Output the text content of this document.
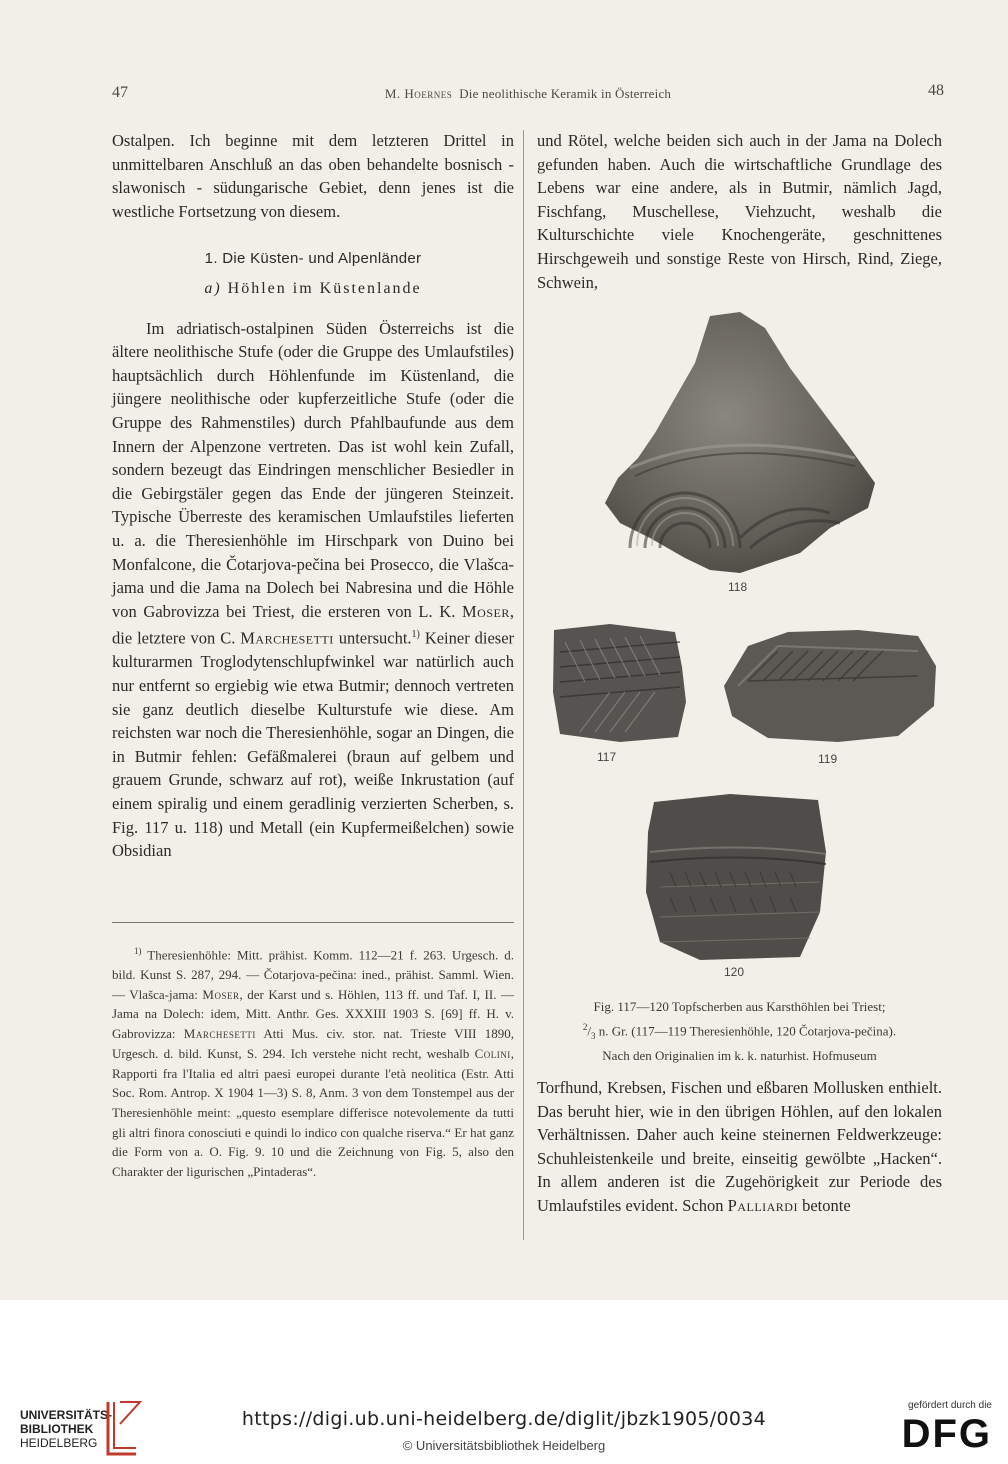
47	M. Hoernes Die neolithische Keramik in Österreich	48

Ostalpen. Ich beginne mit dem letzteren Drittel in unmittelbaren Anschluß an das oben behandelte bosnisch - slawonisch - südungarische Gebiet, denn jenes ist die westliche Fortsetzung von diesem.

1. Die Küsten- und Alpenländer
a) Höhlen im Küstenlande

Im adriatisch-ostalpinen Süden Österreichs ist die ältere neolithische Stufe (oder die Gruppe des Umlaufstiles) hauptsächlich durch Höhlenfunde im Küstenland, die jüngere neolithische oder kupferzeitliche Stufe (oder die Gruppe des Rahmenstiles) durch Pfahlbaufunde aus dem Innern der Alpenzone vertreten. Das ist wohl kein Zufall, sondern bezeugt das Eindringen menschlicher Besiedler in die Gebirgstäler gegen das Ende der jüngeren Steinzeit. Typische Überreste des keramischen Umlaufstiles lieferten u. a. die Theresienhöhle im Hirschpark von Duino bei Monfalcone, die Čotarjova-pečina bei Prosecco, die Vlašca-jama und die Jama na Dolech bei Nabresina und die Höhle von Gabrovizza bei Triest, die ersteren von L. K. Moser, die letztere von C. Marchesetti untersucht.$^{1)}$ Keiner dieser kulturarmen Troglodytenschlupfwinkel war natürlich auch nur entfernt so ergiebig wie etwa Butmir; dennoch vertreten sie ganz deutlich dieselbe Kulturstufe wie diese. Am reichsten war noch die Theresienhöhle, sogar an Dingen, die in Butmir fehlen: Gefäßmalerei (braun auf gelbem und grauem Grunde, schwarz auf rot), weiße Inkrustation (auf einem spiralig und einem geradlinig verzierten Scherben, s. Fig. 117 u. 118) und Metall (ein Kupfermeißelchen) sowie Obsidian

$^{1)}$ Theresienhöhle: Mitt. prähist. Komm. 112—21 f. 263. Urgesch. d. bild. Kunst S. 287, 294. — Čotarjova-pečina: ined., prähist. Samml. Wien. — Vlašca-jama: Moser, der Karst und s. Höhlen, 113 ff. und Taf. I, II. — Jama na Dolech: idem, Mitt. Anthr. Ges. XXXIII 1903 S. [69] ff. H. v. Gabrovizza: Marchesetti Atti Mus. civ. stor. nat. Trieste VIII 1890, Urgesch. d. bild. Kunst, S. 294. Ich verstehe nicht recht, weshalb Colini, Rapporti fra l'Italia ed altri paesi europei durante l'età neolitica (Estr. Atti Soc. Rom. Antrop. X 1904 1—3) S. 8, Anm. 3 von dem Tonstempel aus der Theresienhöhle meint: „questo esemplare differisce notevolemente da tutti gli altri finora conosciuti e quindi lo indico con qualche riserva.“ Er hat ganz die Form von a. O. Fig. 9. 10 und die Zeichnung von Fig. 5, also den Charakter der ligurischen „Pintaderas“.

und Rötel, welche beiden sich auch in der Jama na Dolech gefunden haben. Auch die wirtschaftliche Grundlage des Lebens war eine andere, als in Butmir, nämlich Jagd, Fischfang, Muschellese, Viehzucht, weshalb die Kulturschichte viele Knochengeräte, geschnittenes Hirschgeweih und sonstige Reste von Hirsch, Rind, Ziege, Schwein,

118
117	119
120

Fig. 117—120 Topfscherben aus Karsthöhlen bei Triest;

$^2/_3$ n. Gr. (117—119 Theresienhöhle, 120 Čotarjova-pečina).

Nach den Originalien im k. k. naturhist. Hofmuseum

Torfhund, Krebsen, Fischen und eßbaren Mollusken enthielt. Das beruht hier, wie in den übrigen Höhlen, auf den lokalen Verhältnissen. Daher auch keine steinernen Feldwerkzeuge: Schuhleistenkeile und breite, einseitig gewölbte „Hacken“. In allem anderen ist die Zugehörigkeit zur Periode des Umlaufstiles evident. Schon Palliardi betonte

UNIVERSITÄTS-
BIBLIOTHEK
HEIDELBERG
https://digi.ub.uni-heidelberg.de/diglit/jbzk1905/0034
© Universitätsbibliothek Heidelberg
gefördert durch die
DFG
